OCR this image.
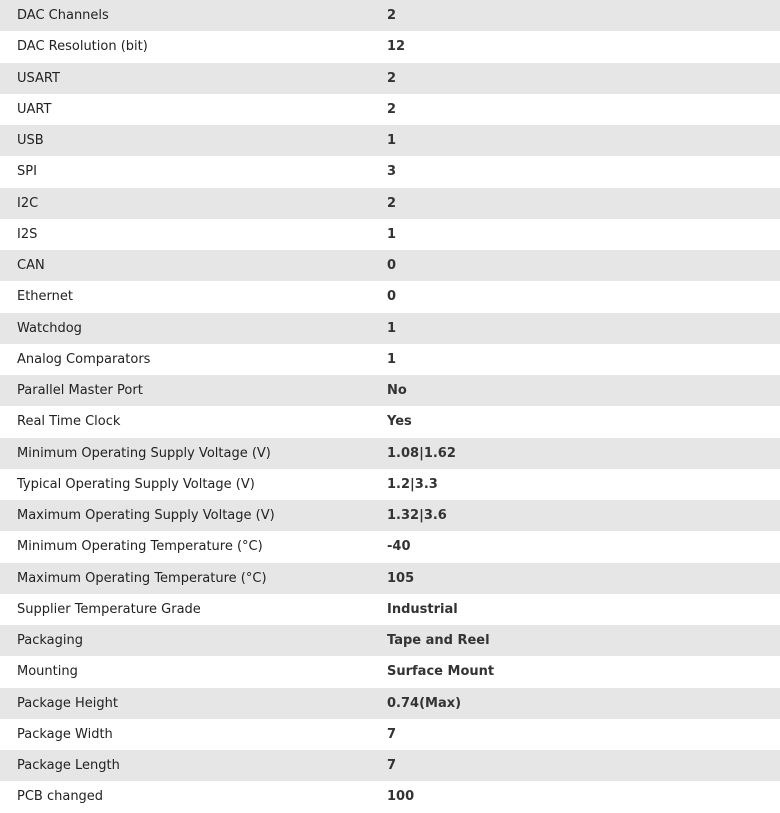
DAC Channels	2
DAC Resolution (bit)	12
USART	2
UART	2
USB	1
SPI	3
I2C	2
I2S	1
CAN	0
Ethernet	0
Watchdog	1
Analog Comparators	1
Parallel Master Port	No
Real Time Clock	Yes
Minimum Operating Supply Voltage (V)	1.08|1.62
Typical Operating Supply Voltage (V)	1.2|3.3
Maximum Operating Supply Voltage (V)	1.32|3.6
Minimum Operating Temperature (°C)	-40
Maximum Operating Temperature (°C)	105
Supplier Temperature Grade	Industrial
Packaging	Tape and Reel
Mounting	Surface Mount
Package Height	0.74(Max)
Package Width	7
Package Length	7
PCB changed	100
